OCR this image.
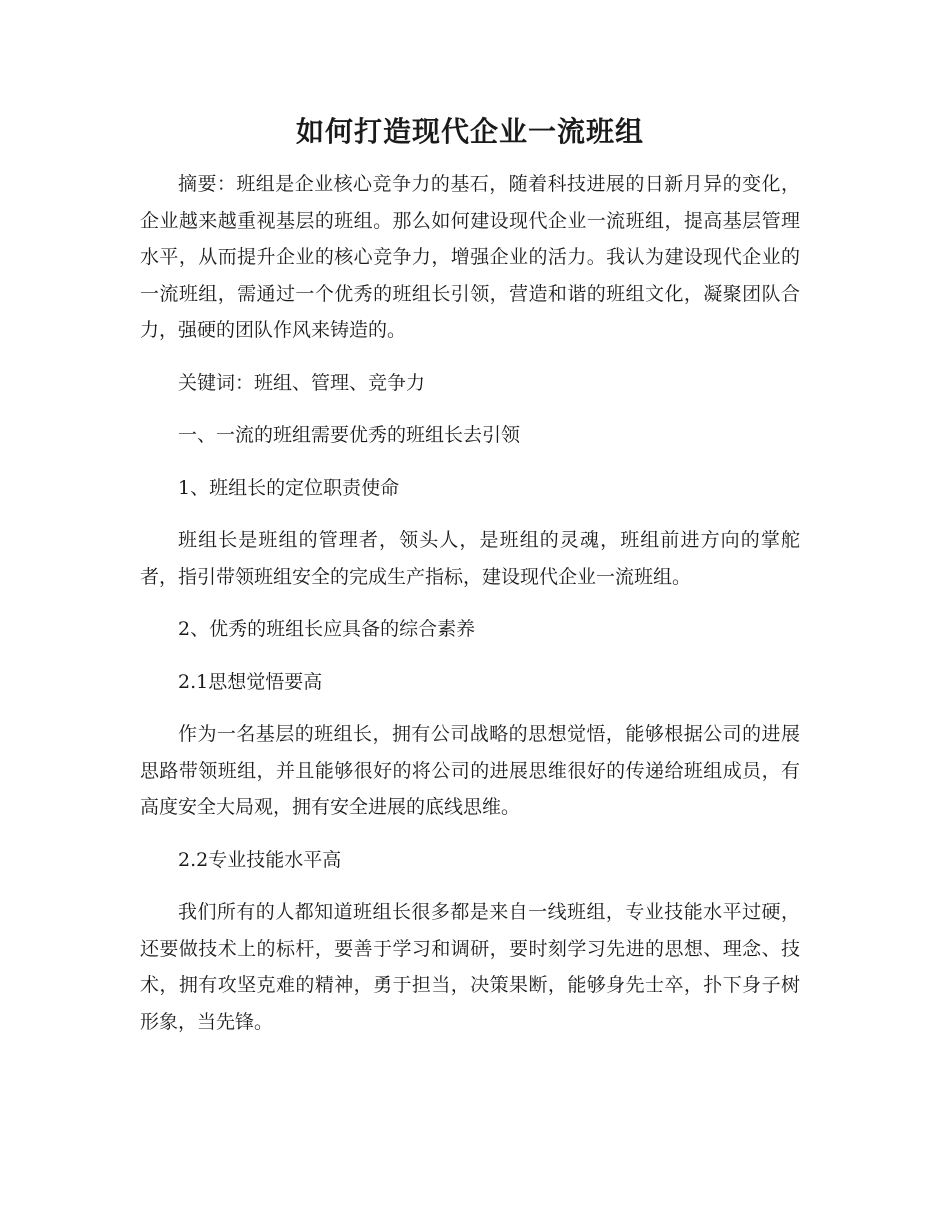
如何打造现代企业一流班组

摘要：班组是企业核心竞争力的基石，随着科技进展的日新月异的变化，企业越来越重视基层的班组。那么如何建设现代企业一流班组，提高基层管理水平，从而提升企业的核心竞争力，增强企业的活力。我认为建设现代企业的一流班组，需通过一个优秀的班组长引领，营造和谐的班组文化，凝聚团队合力，强硬的团队作风来铸造的。

关键词：班组、管理、竞争力

一、一流的班组需要优秀的班组长去引领

1、班组长的定位职责使命

班组长是班组的管理者，领头人，是班组的灵魂，班组前进方向的掌舵者，指引带领班组安全的完成生产指标，建设现代企业一流班组。

2、优秀的班组长应具备的综合素养

2.1思想觉悟要高

作为一名基层的班组长，拥有公司战略的思想觉悟，能够根据公司的进展思路带领班组，并且能够很好的将公司的进展思维很好的传递给班组成员，有高度安全大局观，拥有安全进展的底线思维。

2.2专业技能水平高

我们所有的人都知道班组长很多都是来自一线班组，专业技能水平过硬，还要做技术上的标杆，要善于学习和调研，要时刻学习先进的思想、理念、技术，拥有攻坚克难的精神，勇于担当，决策果断，能够身先士卒，扑下身子树形象，当先锋。
